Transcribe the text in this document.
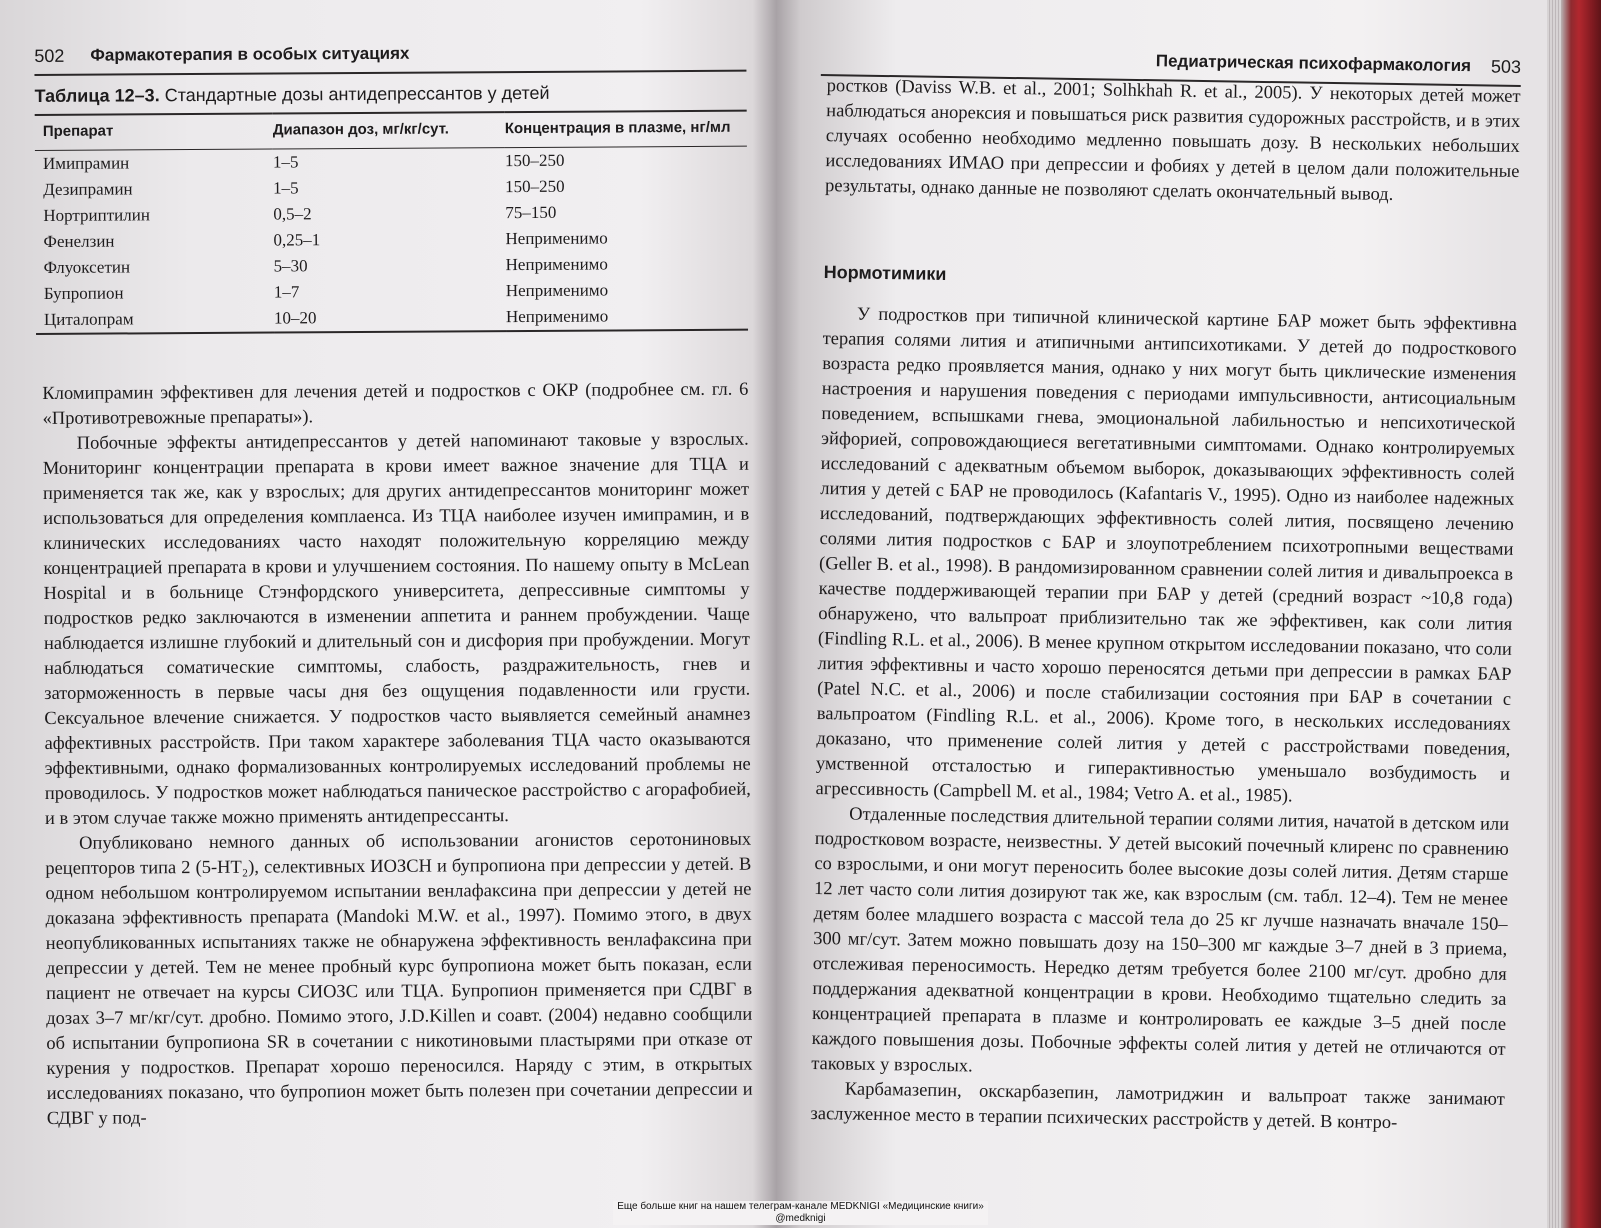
502 Фармакотерапия в особых ситуациях
Таблица 12–3. Стандартные дозы антидепрессантов у детей
Препарат	Диапазон доз, мг/кг/сут.	Концентрация в плазме, нг/мл
Имипрамин	1–5	150–250
Дезипрамин	1–5	150–250
Нортриптилин	0,5–2	75–150
Фенелзин	0,25–1	Неприменимо
Флуоксетин	5–30	Неприменимо
Бупропион	1–7	Неприменимо
Циталопрам	10–20	Неприменимо

Кломипрамин эффективен для лечения детей и подростков с ОКР (подробнее см. гл. 6 «Противотревожные препараты»).

Побочные эффекты антидепрессантов у детей напоминают таковые у взрослых. Мониторинг концентрации препарата в крови имеет важное значение для ТЦА и применяется так же, как у взрослых; для других антидепрессантов мониторинг может использоваться для определения комплаенса. Из ТЦА наиболее изучен имипрамин, и в клинических исследованиях часто находят положительную корреляцию между концентрацией препарата в крови и улучшением состояния. По нашему опыту в McLean Hospital и в больнице Стэнфордского университета, депрессивные симптомы у подростков редко заключаются в изменении аппетита и раннем пробуждении. Чаще наблюдается излишне глубокий и длительный сон и дисфория при пробуждении. Могут наблюдаться соматические симптомы, слабость, раздражительность, гнев и заторможенность в первые часы дня без ощущения подавленности или грусти. Сексуальное влечение снижается. У подростков часто выявляется семейный анамнез аффективных расстройств. При таком характере заболевания ТЦА часто оказываются эффективными, однако формализованных контролируемых исследований проблемы не проводилось. У подростков может наблюдаться паническое расстройство с агорафобией, и в этом случае также можно применять антидепрессанты.

Опубликовано немного данных об использовании агонистов серотониновых рецепторов типа 2 (5-HT₂), селективных ИОЗСН и бупропиона при депрессии у детей. В одном небольшом контролируемом испытании венлафаксина при депрессии у детей не доказана эффективность препарата (Mandoki M.W. et al., 1997). Помимо этого, в двух неопубликованных испытаниях также не обнаружена эффективность венлафаксина при депрессии у детей. Тем не менее пробный курс бупропиона может быть показан, если пациент не отвечает на курсы СИОЗС или ТЦА. Бупропион применяется при СДВГ в дозах 3–7 мг/кг/сут. дробно. Помимо этого, J.D.Killen и соавт. (2004) недавно сообщили об испытании бупропиона SR в сочетании с никотиновыми пластырями при отказе от курения у подростков. Препарат хорошо переносился. Наряду с этим, в открытых исследованиях показано, что бупропион может быть полезен при сочетании депрессии и СДВГ у под-

Педиатрическая психофармакология 503

ростков (Daviss W.B. et al., 2001; Solhkhah R. et al., 2005). У некоторых детей может наблюдаться анорексия и повышаться риск развития судорожных расстройств, и в этих случаях особенно необходимо медленно повышать дозу. В нескольких небольших исследованиях ИМАО при депрессии и фобиях у детей в целом дали положительные результаты, однако данные не позволяют сделать окончательный вывод.

Нормотимики

У подростков при типичной клинической картине БАР может быть эффективна терапия солями лития и атипичными антипсихотиками. У детей до подросткового возраста редко проявляется мания, однако у них могут быть циклические изменения настроения и нарушения поведения с периодами импульсивности, антисоциальным поведением, вспышками гнева, эмоциональной лабильностью и непсихотической эйфорией, сопровождающиеся вегетативными симптомами. Однако контролируемых исследований с адекватным объемом выборок, доказывающих эффективность солей лития у детей с БАР не проводилось (Kafantaris V., 1995). Одно из наиболее надежных исследований, подтверждающих эффективность солей лития, посвящено лечению солями лития подростков с БАР и злоупотреблением психотропными веществами (Geller B. et al., 1998). В рандомизированном сравнении солей лития и дивальпроекса в качестве поддерживающей терапии при БАР у детей (средний возраст ~10,8 года) обнаружено, что вальпроат приблизительно так же эффективен, как соли лития (Findling R.L. et al., 2006). В менее крупном открытом исследовании показано, что соли лития эффективны и часто хорошо переносятся детьми при депрессии в рамках БАР (Patel N.C. et al., 2006) и после стабилизации состояния при БАР в сочетании с вальпроатом (Findling R.L. et al., 2006). Кроме того, в нескольких исследованиях доказано, что применение солей лития у детей с расстройствами поведения, умственной отсталостью и гиперактивностью уменьшало возбудимость и агрессивность (Campbell M. et al., 1984; Vetro A. et al., 1985).

Отдаленные последствия длительной терапии солями лития, начатой в детском или подростковом возрасте, неизвестны. У детей высокий почечный клиренс по сравнению со взрослыми, и они могут переносить более высокие дозы солей лития. Детям старше 12 лет часто соли лития дозируют так же, как взрослым (см. табл. 12–4). Тем не менее детям более младшего возраста с массой тела до 25 кг лучше назначать вначале 150–300 мг/сут. Затем можно повышать дозу на 150–300 мг каждые 3–7 дней в 3 приема, отслеживая переносимость. Нередко детям требуется более 2100 мг/сут. дробно для поддержания адекватной концентрации в крови. Необходимо тщательно следить за концентрацией препарата в плазме и контролировать ее каждые 3–5 дней после каждого повышения дозы. Побочные эффекты солей лития у детей не отличаются от таковых у взрослых.

Карбамазепин, окскарбазепин, ламотриджин и вальпроат также занимают заслуженное место в терапии психических расстройств у детей. В контро-

Еще больше книг на нашем телеграм-канале MEDKNIGI «Медицинские книги»
@medknigi
